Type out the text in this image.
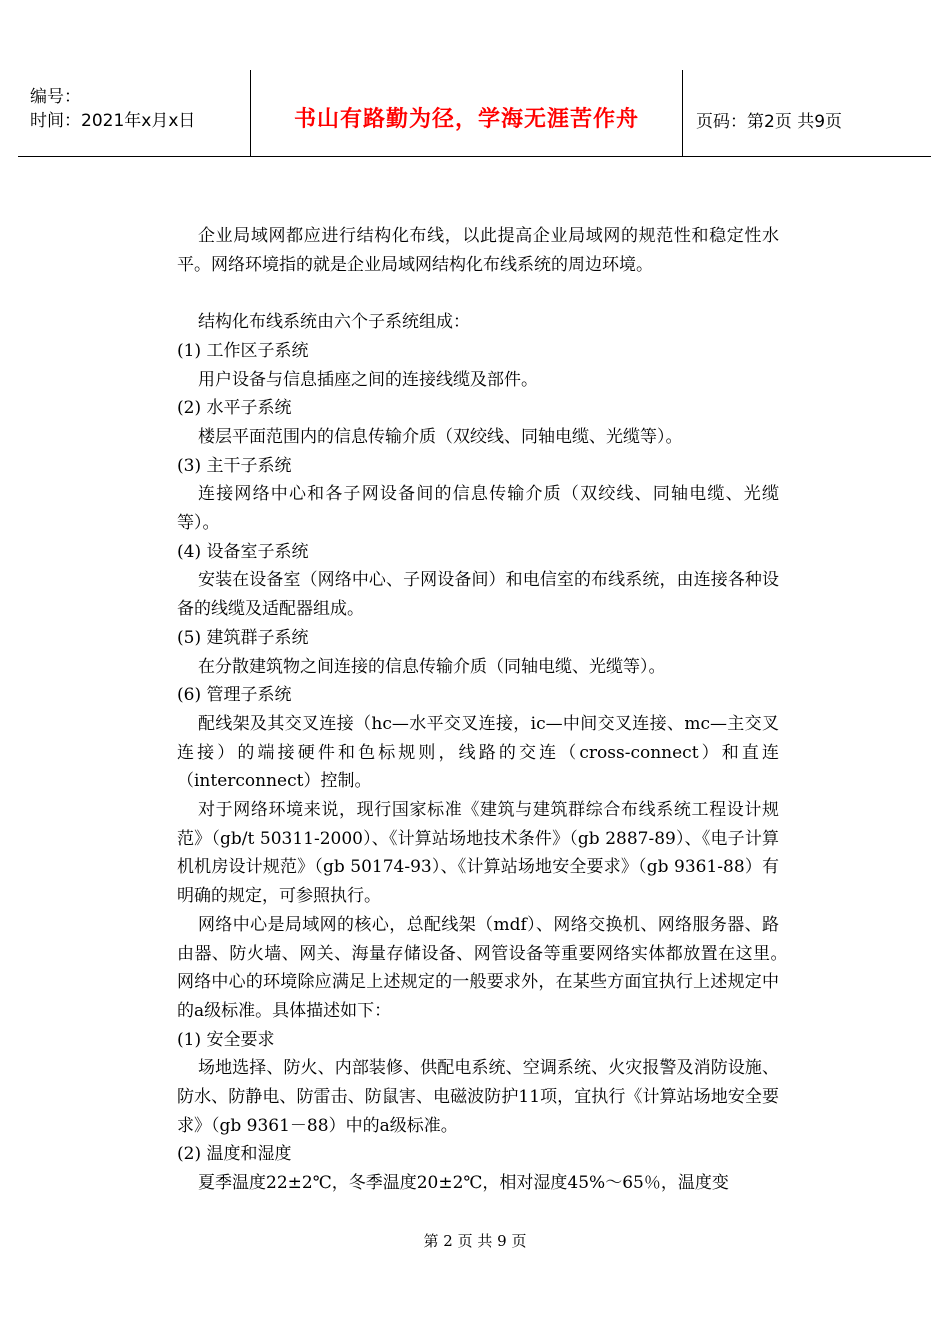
编号：
时间：2021年x月x日	书山有路勤为径，学海无涯苦作舟	页码：第2页 共9页

企业局域网都应进行结构化布线，以此提高企业局域网的规范性和稳定性水平。网络环境指的就是企业局域网结构化布线系统的周边环境。

结构化布线系统由六个子系统组成：

(1) 工作区子系统

用户设备与信息插座之间的连接线缆及部件。

(2) 水平子系统

楼层平面范围内的信息传输介质（双绞线、同轴电缆、光缆等）。

(3) 主干子系统

连接网络中心和各子网设备间的信息传输介质（双绞线、同轴电缆、光缆等）。

(4) 设备室子系统

安装在设备室（网络中心、子网设备间）和电信室的布线系统，由连接各种设备的线缆及适配器组成。

(5) 建筑群子系统

在分散建筑物之间连接的信息传输介质（同轴电缆、光缆等）。

(6) 管理子系统

配线架及其交叉连接（hc—水平交叉连接，ic—中间交叉连接、mc—主交叉连接）的端接硬件和色标规则，线路的交连（cross-connect）和直连（interconnect）控制。

对于网络环境来说，现行国家标准《建筑与建筑群综合布线系统工程设计规范》（gb/t 50311-2000）、《计算站场地技术条件》（gb 2887-89）、《电子计算机机房设计规范》（gb 50174-93）、《计算站场地安全要求》（gb 9361-88）有明确的规定，可参照执行。

网络中心是局域网的核心，总配线架（mdf）、网络交换机、网络服务器、路由器、防火墙、网关、海量存储设备、网管设备等重要网络实体都放置在这里。　　　网络中心的环境除应满足上述规定的一般要求外，在某些方面宜执行上述规定中的a级标准。具体描述如下：

(1) 安全要求

场地选择、防火、内部装修、供配电系统、空调系统、火灾报警及消防设施、防水、防静电、防雷击、防鼠害、电磁波防护11项，宜执行《计算站场地安全要求》（gb 9361－88）中的a级标准。

(2) 温度和湿度

夏季温度22±2℃，冬季温度20±2℃，相对湿度45%～65％，温度变

第 2 页 共 9 页
